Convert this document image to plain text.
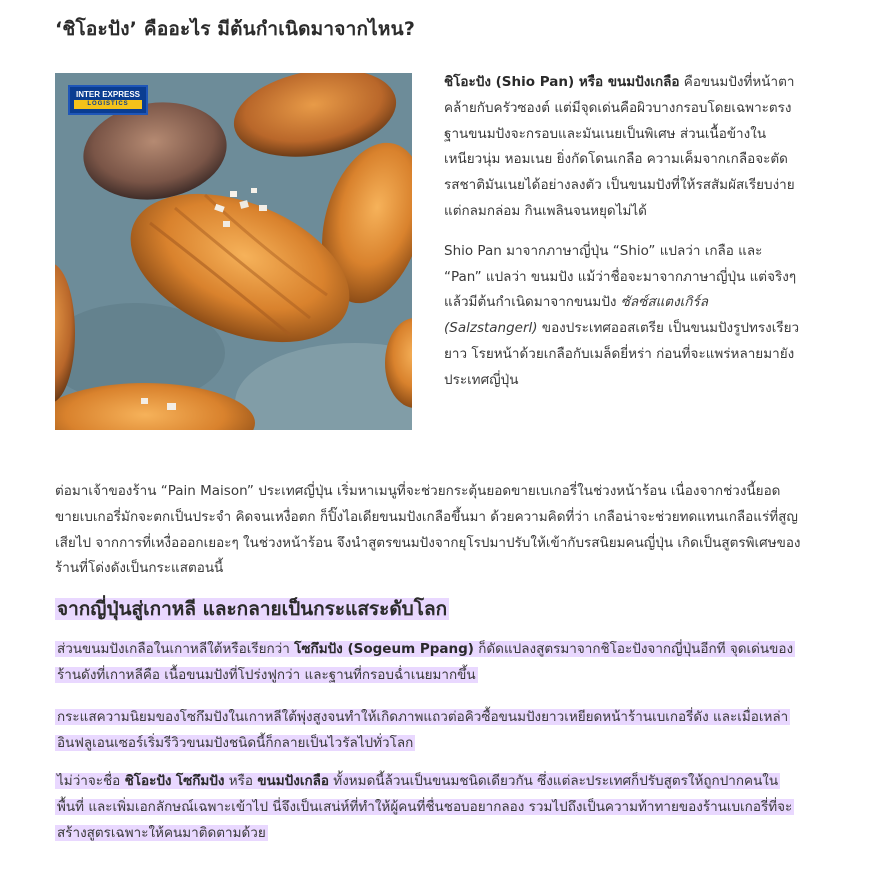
‘ชิโอะปัง’ คืออะไร มีต้นกำเนิดมาจากไหน?
INTER EXPRESS
LOGISTICS

ชิโอะปัง (Shio Pan) หรือ ขนมปังเกลือ คือขนมปังที่หน้าตาคล้ายกับครัวซองต์ แต่มีจุดเด่นคือผิวบางกรอบโดยเฉพาะตรงฐานขนมปังจะกรอบและมันเนยเป็นพิเศษ ส่วนเนื้อข้างในเหนียวนุ่ม หอมเนย ยิ่งกัดโดนเกลือ ความเค็มจากเกลือจะตัดรสชาติมันเนยได้อย่างลงตัว เป็นขนมปังที่ให้รสสัมผัสเรียบง่ายแต่กลมกล่อม กินเพลินจนหยุดไม่ได้

Shio Pan มาจากภาษาญี่ปุ่น “Shio” แปลว่า เกลือ และ “Pan” แปลว่า ขนมปัง แม้ว่าชื่อจะมาจากภาษาญี่ปุ่น แต่จริงๆ แล้วมีต้นกำเนิดมาจากขนมปัง ซัลซ์สแตงเกิร์ล (Salzstangerl) ของประเทศออสเตรีย เป็นขนมปังรูปทรงเรียวยาว โรยหน้าด้วยเกลือกับเมล็ดยี่หร่า ก่อนที่จะแพร่หลายมายังประเทศญี่ปุ่น

ต่อมาเจ้าของร้าน “Pain Maison” ประเทศญี่ปุ่น เริ่มหาเมนูที่จะช่วยกระตุ้นยอดขายเบเกอรี่ในช่วงหน้าร้อน เนื่องจากช่วงนี้ยอดขายเบเกอรี่มักจะตกเป็นประจำ คิดจนเหงื่อตก ก็ปิ๊งไอเดียขนมปังเกลือขึ้นมา ด้วยความคิดที่ว่า เกลือน่าจะช่วยทดแทนเกลือแร่ที่สูญเสียไป จากการที่เหงื่อออกเยอะๆ ในช่วงหน้าร้อน จึงนำสูตรขนมปังจากยุโรปมาปรับให้เข้ากับรสนิยมคนญี่ปุ่น เกิดเป็นสูตรพิเศษของร้านที่โด่งดังเป็นกระแสตอนนี้

จากญี่ปุ่นสู่เกาหลี และกลายเป็นกระแสระดับโลก

ส่วนขนมปังเกลือในเกาหลีใต้หรือเรียกว่า โซกึมปัง (Sogeum Ppang) ก็ดัดแปลงสูตรมาจากชิโอะปังจากญี่ปุ่นอีกที จุดเด่นของร้านดังที่เกาหลีคือ เนื้อขนมปังที่โปร่งฟูกว่า และฐานที่กรอบฉ่ำเนยมากขึ้น

กระแสความนิยมของโซกึมปังในเกาหลีใต้พุ่งสูงจนทำให้เกิดภาพแถวต่อคิวซื้อขนมปังยาวเหยียดหน้าร้านเบเกอรี่ดัง และเมื่อเหล่า อินฟลูเอนเซอร์เริ่มรีวิวขนมปังชนิดนี้ก็กลายเป็นไวรัลไปทั่วโลก

ไม่ว่าจะชื่อ ชิโอะปัง โซกึมปัง หรือ ขนมปังเกลือ ทั้งหมดนี้ล้วนเป็นขนมชนิดเดียวกัน ซึ่งแต่ละประเทศก็ปรับสูตรให้ถูกปากคนในพื้นที่ และเพิ่มเอกลักษณ์เฉพาะเข้าไป นี่จึงเป็นเสน่ห์ที่ทำให้ผู้คนที่ชื่นชอบอยากลอง รวมไปถึงเป็นความท้าทายของร้านเบเกอรี่ที่จะสร้างสูตรเฉพาะให้คนมาติดตามด้วย
